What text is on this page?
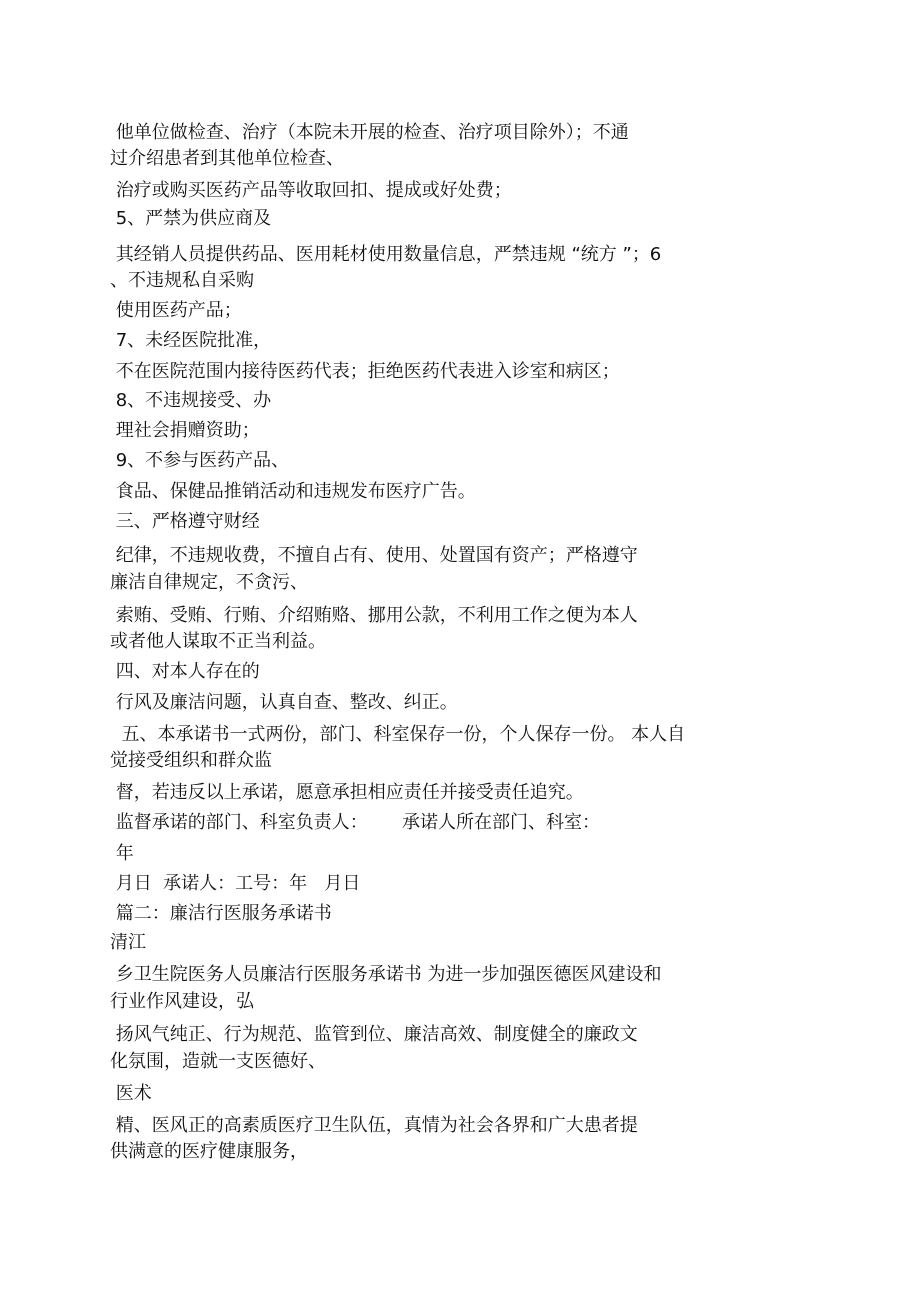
他单位做检查、治疗（本院未开展的检查、治疗项目除外）；不通
过介绍患者到其他单位检查、
治疗或购买医药产品等收取回扣、提成或好处费；
5、严禁为供应商及
其经销人员提供药品、医用耗材使用数量信息，严禁违规 “统方 ”；6
、不违规私自采购
使用医药产品；
7、未经医院批准，
不在医院范围内接待医药代表；拒绝医药代表进入诊室和病区；
8、不违规接受、办
理社会捐赠资助；
9、不参与医药产品、
食品、保健品推销活动和违规发布医疗广告。
三、严格遵守财经
纪律，不违规收费，不擅自占有、使用、处置国有资产；严格遵守
廉洁自律规定，不贪污、
索贿、受贿、行贿、介绍贿赂、挪用公款，不利用工作之便为本人
或者他人谋取不正当利益。
四、对本人存在的
行风及廉洁问题，认真自查、整改、纠正。
五、本承诺书一式两份，部门、科室保存一份，个人保存一份。 本人自
觉接受组织和群众监
督，若违反以上承诺，愿意承担相应责任并接受责任追究。
监督承诺的部门、科室负责人：      承诺人所在部门、科室：
年
月日  承诺人：工号：年   月日
篇二：廉洁行医服务承诺书
清江
乡卫生院医务人员廉洁行医服务承诺书 为进一步加强医德医风建设和
行业作风建设，弘
扬风气纯正、行为规范、监管到位、廉洁高效、制度健全的廉政文
化氛围，造就一支医德好、
医术
精、医风正的高素质医疗卫生队伍，真情为社会各界和广大患者提
供满意的医疗健康服务，
